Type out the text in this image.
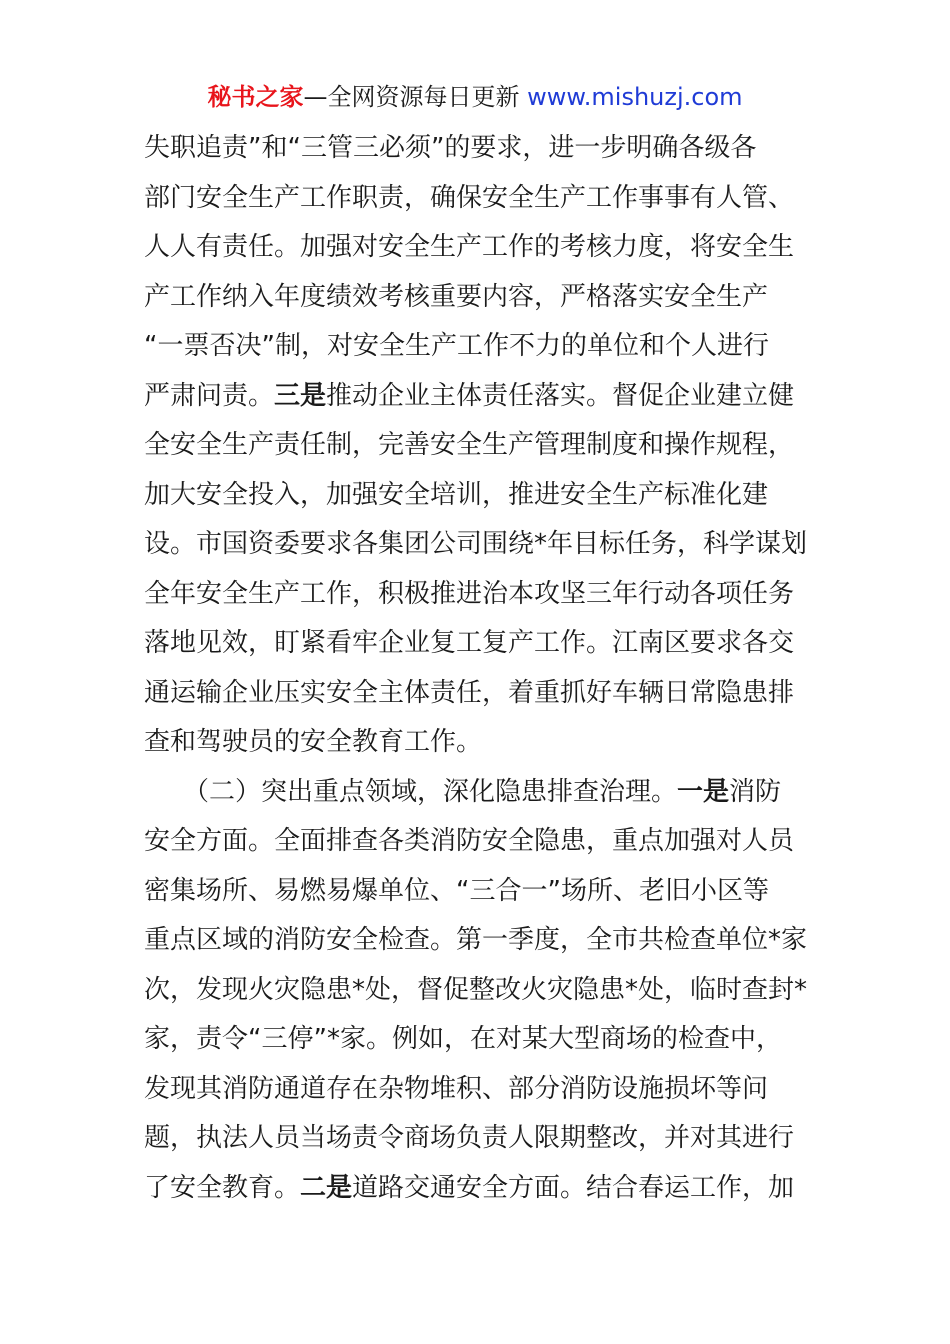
秘书之家—全网资源每日更新 www.mishuzj.com
失职追责”和“三管三必须”的要求，进一步明确各级各
部门安全生产工作职责，确保安全生产工作事事有人管、
人人有责任。加强对安全生产工作的考核力度，将安全生
产工作纳入年度绩效考核重要内容，严格落实安全生产
“一票否决”制，对安全生产工作不力的单位和个人进行
严肃问责。三是推动企业主体责任落实。督促企业建立健
全安全生产责任制，完善安全生产管理制度和操作规程，
加大安全投入，加强安全培训，推进安全生产标准化建
设。市国资委要求各集团公司围绕*年目标任务，科学谋划
全年安全生产工作，积极推进治本攻坚三年行动各项任务
落地见效，盯紧看牢企业复工复产工作。江南区要求各交
通运输企业压实安全主体责任，着重抓好车辆日常隐患排
查和驾驶员的安全教育工作。
　　（二）突出重点领域，深化隐患排查治理。一是消防
安全方面。全面排查各类消防安全隐患，重点加强对人员
密集场所、易燃易爆单位、“三合一”场所、老旧小区等
重点区域的消防安全检查。第一季度，全市共检查单位*家
次，发现火灾隐患*处，督促整改火灾隐患*处，临时查封*
家，责令“三停”*家。例如，在对某大型商场的检查中，
发现其消防通道存在杂物堆积、部分消防设施损坏等问
题，执法人员当场责令商场负责人限期整改，并对其进行
了安全教育。二是道路交通安全方面。结合春运工作，加
